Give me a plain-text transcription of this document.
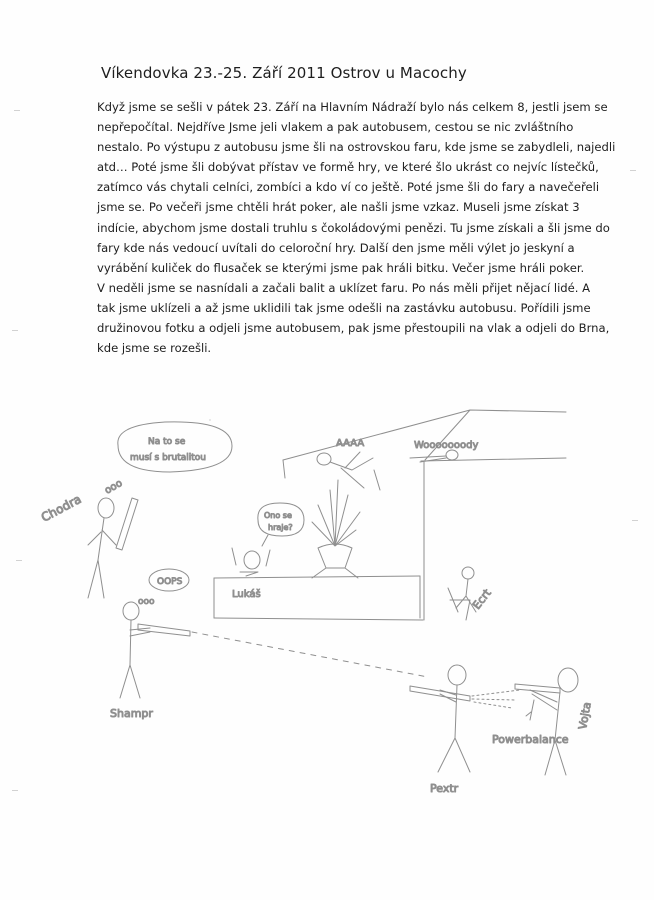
Víkendovka 23.-25. Září 2011 Ostrov u Macochy
Když jsme se sešli v pátek 23. Září na Hlavním Nádraží bylo nás celkem 8, jestli jsem se
nepřepočítal. Nejdříve Jsme jeli vlakem a pak autobusem, cestou se nic zvláštního
nestalo. Po výstupu z autobusu jsme šli na ostrovskou faru, kde jsme se zabydleli, najedli
atd… Poté jsme šli dobývat přístav ve formě hry, ve které šlo ukrást co nejvíc lístečků,
zatímco vás chytali celníci, zombíci a kdo ví co ještě. Poté jsme šli do fary a navečeřeli
jsme se. Po večeři jsme chtěli hrát poker, ale našli jsme vzkaz. Museli jsme získat 3
indície, abychom jsme dostali truhlu s čokoládovými penězi. Tu jsme získali a šli jsme do
fary kde nás vedoucí uvítali do celoroční hry. Další den jsme měli výlet jo jeskyní a
vyrábění kuliček do flusaček se kterými jsme pak hráli bitku. Večer jsme hráli poker.
V neděli jsme se nasnídali a začali balit a uklízet faru. Po nás měli přijet nějací lidé. A
tak jsme uklízeli a až jsme uklidili tak jsme odešli na zastávku autobusu. Pořídili jsme
družinovou fotku a odjeli jsme autobusem, pak jsme přestoupili na vlak a odjeli do Brna,
kde jsme se rozešli.
Chodra
ooo
Na to se
musí s brutalitou
Ono se
hraje?
Lukáš
AAAA	Wooooooody
Ecrt
OOPS
ooo
Shampr
Powerbalance
Vojta
Pextr
